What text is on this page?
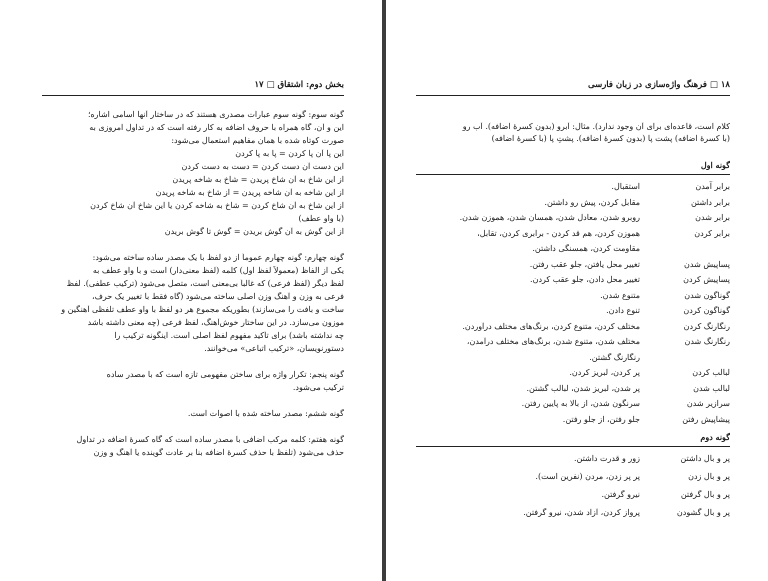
بخش دوم: اشتقاق □ ۱۷
گونه سوم: گونه سوم عبارات مصدری هستند که در ساختار آنها اسامی اشاره؛
این و آن، گاه همراه با حروف اضافه به کار رفته است که در تداول امروزی به
صورت کوتاه شده با همان مفاهیم استعمال می‌شود:
این پا آن پا کردن = پا به پا کردن
این دست آن دست کردن = دست به دست کردن
از این شاخ به آن شاخ پریدن = شاخ به شاخه پریدن
از این شاخه به آن شاخه پریدن = از شاخ به شاخه پریدن
از این شاخ به آن شاخ کردن = شاخ به شاخه کردن یا این شاخ آن شاخ کردن
(با واو عطف)
از این گوش به آن گوش بریدن = گوش تا گوش بریدن
گونه چهارم: گونه چهارم عموماً از دو لفظ با یک مصدر ساده ساخته می‌شود:
یکی از الفاظ (معمولاً لفظ اول) کلمه (لفظ معنی‌دار) است و با واو عطف به
لفظ دیگر (لفظ فرعی) که غالباً بی‌معنی است، متصل می‌شود (ترکیب عطفی). لفظ
فرعی به وزن و آهنگ وزن اصلی ساخته می‌شود (گاه فقط با تغییر یک حرف،
ساخت و بافت را می‌سازند) بطوریکه مجموع هر دو لفظ با واو عطف تلفظی آهنگین و
موزون می‌سازد. در این ساختار خوش‌آهنگ، لفظ فرعی (چه معنی داشته باشد
چه نداشته باشد) برای تأکید مفهوم لفظ اصلی است. اینگونه ترکیب را
دستورنویسان، «ترکیب اتباعی» می‌خوانند.
گونه پنجم: تکرار واژه برای ساختن مفهومی تازه است که با مصدر ساده
ترکیب می‌شود.
گونه ششم: مصدر ساخته شده با اصوات است.
گونه هفتم: کلمه مرکب اضافی با مصدر ساده است که گاه کسرهٔ اضافه در تداول
حذف می‌شود (تلفظ با حذف کسرهٔ اضافه بنا بر عادت گوینده یا آهنگ و وزن
۱۸ □ فرهنگ واژه‌سازی در زبان فارسی
کلام است، قاعده‌ای برای آن وجود ندارد). مثال: آبرو (بدون کسرهٔ اضافه). آب رو
(با کسرهٔ اضافه) پشت پا (بدون کسرهٔ اضافه). پشتِ پا (با کسرهٔ اضافه)
گونه اول
برابر آمدن
استقبال.
برابر داشتن
مقابل کردن، پیش رو داشتن.
برابر شدن
روبرو شدن، معادل شدن، همسان شدن، هموزن شدن.
برابر کردن
هموزن کردن، هم قد کردن - برابری کردن، تقابل،
مقاومت کردن، همسنگی داشتن.
پساپیش شدن
تغییر محل یافتن، جلو عقب رفتن.
پساپیش کردن
تغییر محل دادن، جلو عقب کردن.
گوناگون شدن
متنوع شدن.
گوناگون کردن
تنوع دادن.
رنگارنگ کردن
مختلف کردن، متنوع کردن، برنگ‌های مختلف درآوردن.
رنگارنگ شدن
مختلف شدن، متنوع شدن، برنگ‌های مختلف درآمدن،
رنگارنگ گشتن.
لبالب کردن
پر کردن، لبریز کردن.
لبالب شدن
پر شدن، لبریز شدن، لبالب گشتن.
سرازیر شدن
سرنگون شدن، از بالا به پایین رفتن.
پیشاپیش رفتن
جلو رفتن، از جلو رفتن.
گونه دوم
پر و بال داشتن
زور و قدرت داشتن.
پر و بال زدن
پر پر زدن، مردن (نفرین است).
پر و بال گرفتن
نیرو گرفتن.
پر و بال گشودن
پرواز کردن، آزاد شدن، نیرو گرفتن.
